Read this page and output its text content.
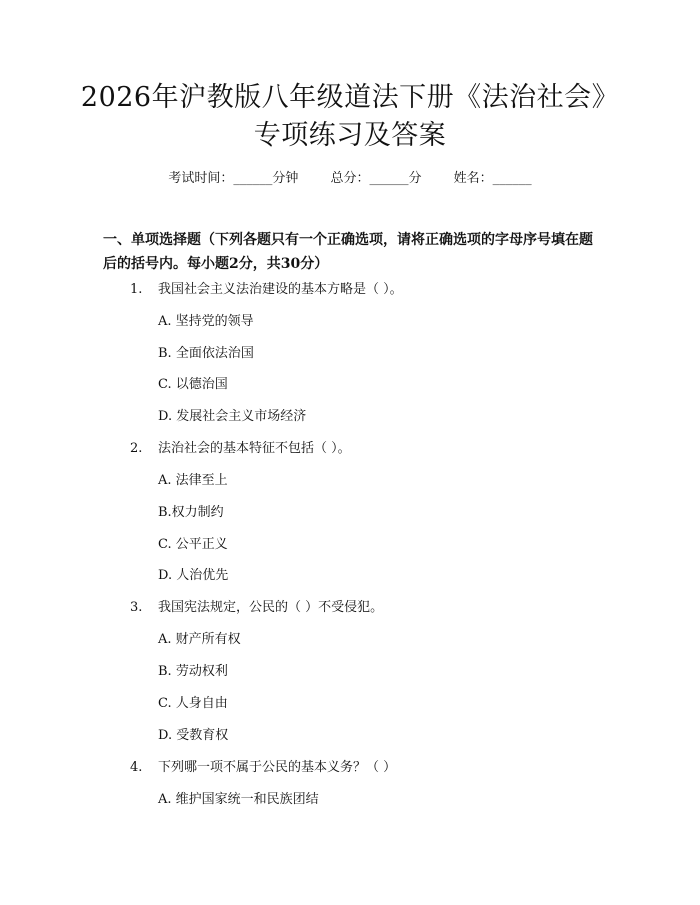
2026年沪教版八年级道法下册《法治社会》
专项练习及答案
考试时间：______分钟 总分：______分 姓名：______
一、单项选择题（下列各题只有一个正确选项，请将正确选项的字母序号填在题后的括号内。每小题2分，共30分）
1. 我国社会主义法治建设的基本方略是（ ）。
A. 坚持党的领导
B. 全面依法治国
C. 以德治国
D. 发展社会主义市场经济
2. 法治社会的基本特征不包括（ ）。
A. 法律至上
B.权力制约
C. 公平正义
D. 人治优先
3. 我国宪法规定，公民的（ ）不受侵犯。
A. 财产所有权
B. 劳动权利
C. 人身自由
D. 受教育权
4. 下列哪一项不属于公民的基本义务？（ ）
A. 维护国家统一和民族团结
